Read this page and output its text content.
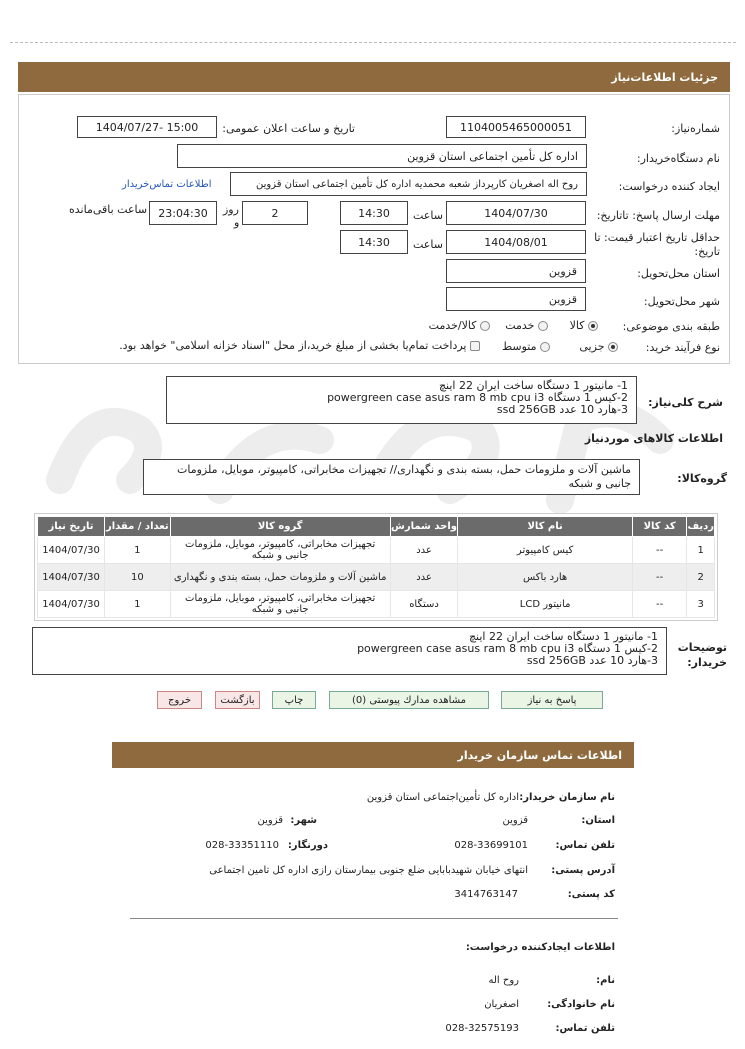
جزئیات اطلاعات‌نیاز
شماره‌نیاز:
1104005465000051
تاریخ و ساعت اعلان عمومی:
1404/07/27- 15:00
نام دستگاه‌خریدار:
اداره کل تأمین اجتماعی استان قزوین
ایجاد کننده درخواست:
روح اله اصغریان کارپرداز شعبه محمدیه اداره کل تأمین اجتماعی استان قزوین
اطلاعات تماس‌خریدار
مهلت ارسال پاسخ: تاتاریخ:
1404/07/30
ساعت
14:30
2
روز
و
23:04:30
ساعت باقی‌مانده
حداقل تاریخ اعتبار قیمت: تا
تاریخ:
1404/08/01
ساعت
14:30
استان محل‌تحویل:
قزوین
شهر محل‌تحویل:
قزوین
طبقه بندی موضوعی:
کالا
خدمت
کالا/خدمت
نوع فرآیند خرید:
جزیی
متوسط
پرداخت تمام‌یا بخشی از مبلغ خرید،از محل "اسناد خزانه اسلامی" خواهد بود.
شرح کلی‌نیاز:
1- مانیتور 1 دستگاه ساخت ایران 22 اینچ
2-کیس 1 دستگاه powergreen case asus ram 8 mb cpu i3
3-هارد 10 عدد ssd 256GB
اطلاعات کالاهای موردنیاز
گروه‌کالا:
ماشین آلات و ملزومات حمل، بسته بندی و نگهداری// تجهیزات مخابراتی، کامپیوتر، موبایل، ملزومات جانبی و شبکه
ردیف	کد کالا	نام کالا	واحد شمارش	گروه کالا	تعداد / مقدار	تاریخ نیاز
1	--	کیس کامپیوتر	عدد	تجهیزات مخابراتی، کامپیوتر، موبایل، ملزومات جانبی و شبکه	1	1404/07/30
2	--	هارد باکس	عدد	ماشین آلات و ملزومات حمل، بسته بندی و نگهداری	10	1404/07/30
3	--	مانیتور LCD	دستگاه	تجهیزات مخابراتی، کامپیوتر، موبایل، ملزومات جانبی و شبکه	1	1404/07/30
توضیحات
خریدار:
1- مانیتور 1 دستگاه ساخت ایران 22 اینچ
2-کیس 1 دستگاه powergreen case asus ram 8 mb cpu i3
3-هارد 10 عدد ssd 256GB
پاسخ به نیاز
مشاهده مدارك پیوستی (0)
چاپ
بازگشت
خروج
اطلاعات تماس سازمان خریدار
نام سازمان خریدار:
اداره کل تأمین‌اجتماعی استان قزوین
استان:
قزوین
شهر:
قزوین
تلفن تماس:
028-33699101
دورنگار:
028-33351110
آدرس پستی:
انتهای خیابان شهیدبابایی ضلع جنوبی بیمارستان رازی اداره کل تامین اجتماعی
کد پستی:
3414763147
اطلاعات ایجادکننده درخواست:
نام:
روح اله
نام خانوادگی:
اصغریان
تلفن تماس:
028-32575193
